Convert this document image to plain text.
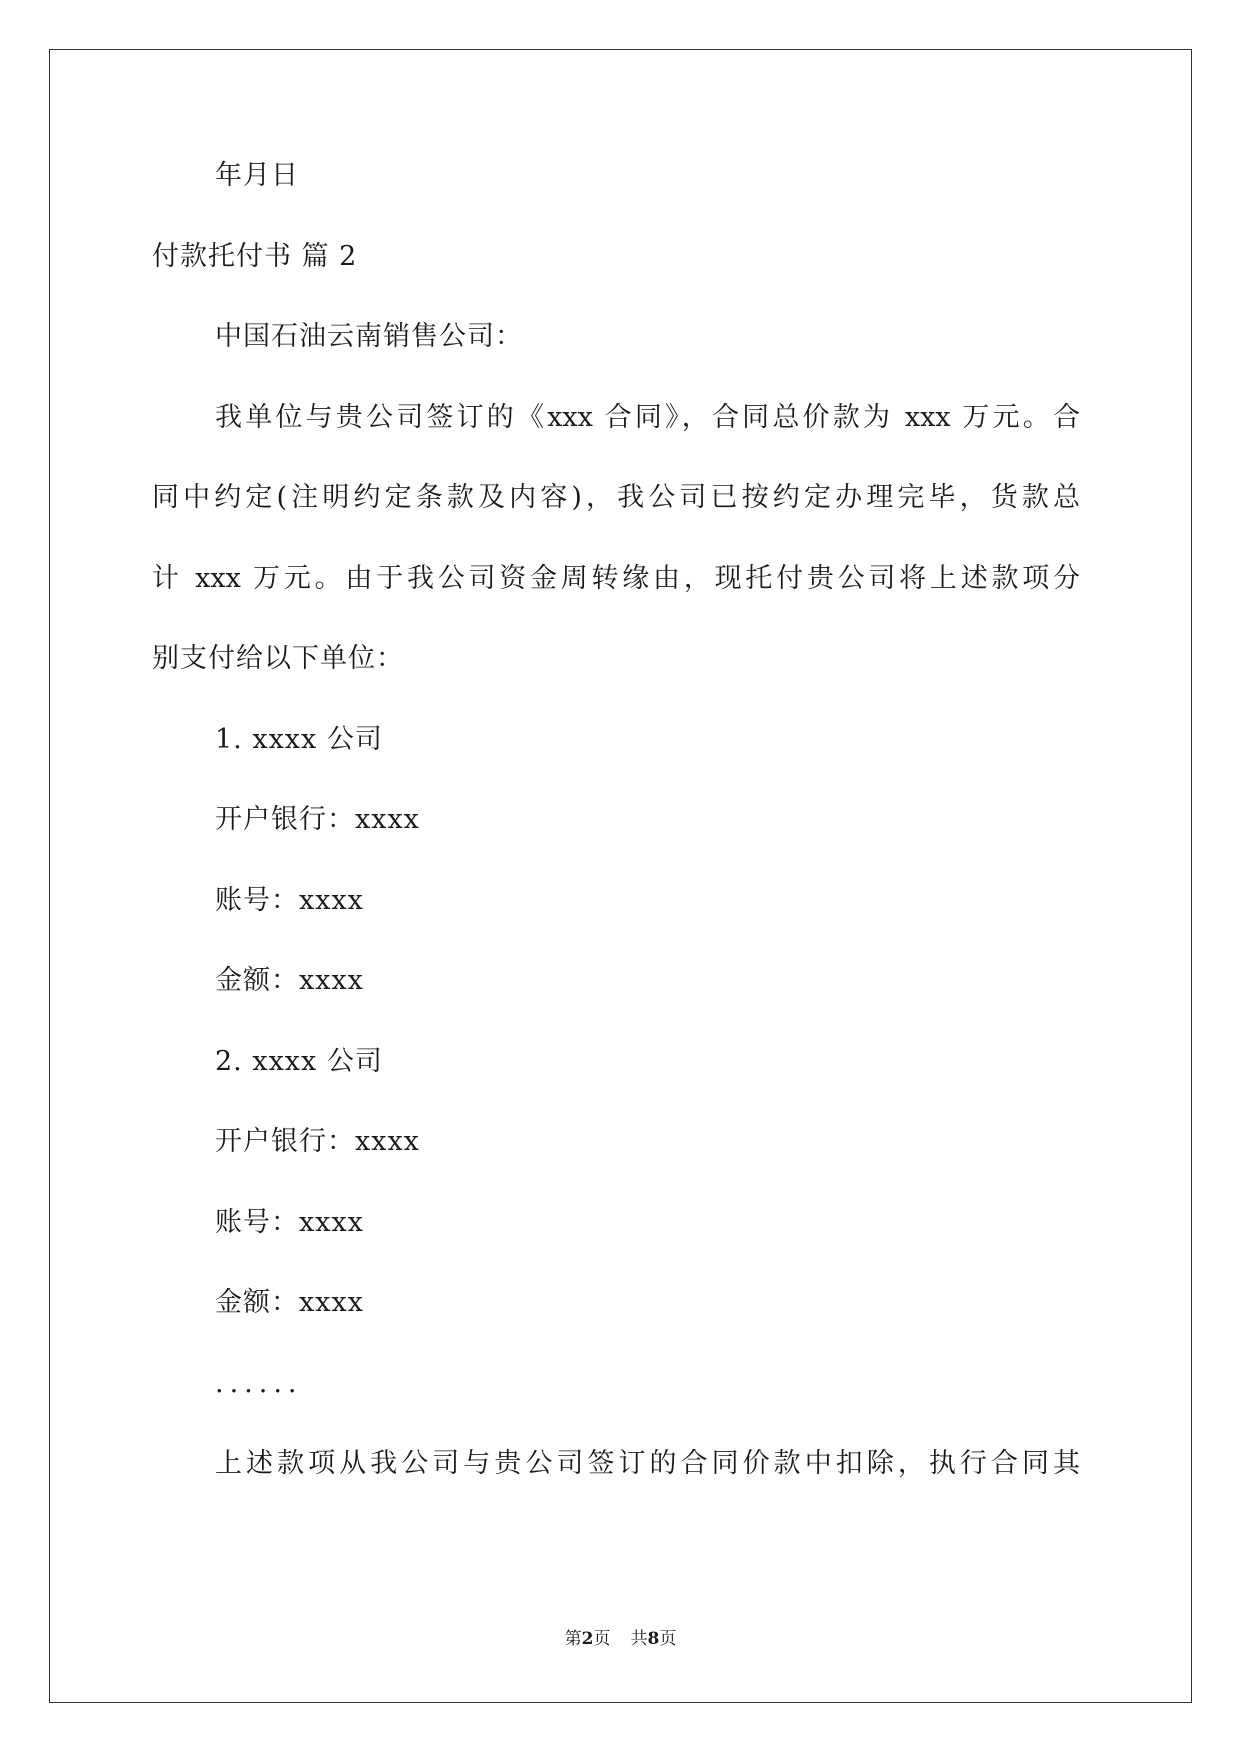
年月日
付款托付书 篇 2
中国石油云南销售公司：
我单位与贵公司签订的《xxx 合同》，合同总价款为 xxx 万元。合
同中约定(注明约定条款及内容)，我公司已按约定办理完毕，货款总
计 xxx 万元。由于我公司资金周转缘由，现托付贵公司将上述款项分
别支付给以下单位：
1. xxxx 公司
开户银行：xxxx
账号：xxxx
金额：xxxx
2. xxxx 公司
开户银行：xxxx
账号：xxxx
金额：xxxx
......
上述款项从我公司与贵公司签订的合同价款中扣除，执行合同其
第2页 共8页
